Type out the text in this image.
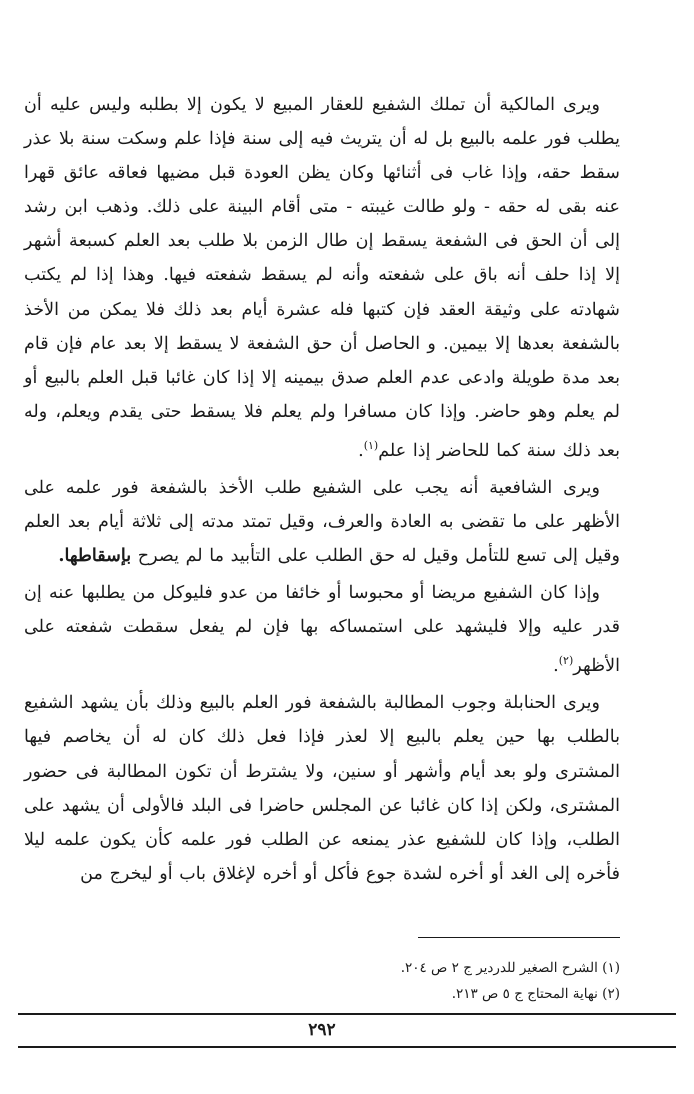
ويرى المالكية أن تملك الشفيع للعقار المبيع لا يكون إلا بطلبه وليس عليه أن يطلب فور علمه بالبيع بل له أن يتريث فيه إلى سنة فإذا علم وسكت سنة بلا عذر سقط حقه، وإذا غاب فى أثنائها وكان يظن العودة قبل مضيها فعاقه عائق قهرا عنه بقى له حقه - ولو طالت غيبته - متى أقام البينة على ذلك. وذهب ابن رشد إلى أن الحق فى الشفعة يسقط إن طال الزمن بلا طلب بعد العلم كسبعة أشهر إلا إذا حلف أنه باق على شفعته وأنه لم يسقط شفعته فيها. وهذا إذا لم يكتب شهادته على وثيقة العقد فإن كتبها فله عشرة أيام بعد ذلك فلا يمكن من الأخذ بالشفعة بعدها إلا بيمين. و الحاصل أن حق الشفعة لا يسقط إلا بعد عام فإن قام بعد مدة طويلة وادعى عدم العلم صدق بيمينه إلا إذا كان غائبا قبل العلم بالبيع أو لم يعلم وهو حاضر. وإذا كان مسافرا ولم يعلم فلا يسقط حتى يقدم ويعلم، وله بعد ذلك سنة كما للحاضر إذا علم$^{(١)}$.

ويرى الشافعية أنه يجب على الشفيع طلب الأخذ بالشفعة فور علمه على الأظهر على ما تقضى به العادة والعرف، وقيل تمتد مدته إلى ثلاثة أيام بعد العلم وقيل إلى تسع للتأمل وقيل له حق الطلب على التأبيد ما لم يصرح بإسقاطها.

وإذا كان الشفيع مريضا أو محبوسا أو خائفا من عدو فليوكل من يطلبها عنه إن قدر عليه وإلا فليشهد على استمساكه بها فإن لم يفعل سقطت شفعته على الأظهر$^{(٢)}$.

ويرى الحنابلة وجوب المطالبة بالشفعة فور العلم بالبيع وذلك بأن يشهد الشفيع بالطلب بها حين يعلم بالبيع إلا لعذر فإذا فعل ذلك كان له أن يخاصم فيها المشترى ولو بعد أيام وأشهر أو سنين، ولا يشترط أن تكون المطالبة فى حضور المشترى، ولكن إذا كان غائبا عن المجلس حاضرا فى البلد فالأولى أن يشهد على الطلب، وإذا كان للشفيع عذر يمنعه عن الطلب فور علمه كأن يكون علمه ليلا فأخره إلى الغد أو أخره لشدة جوع فأكل أو أخره لإغلاق باب أو ليخرج من

(١) الشرح الصغير للدردير ج ٢ ص ٢٠٤.

(٢) نهاية المحتاج ج ٥ ص ٢١٣.

٢٩٢
